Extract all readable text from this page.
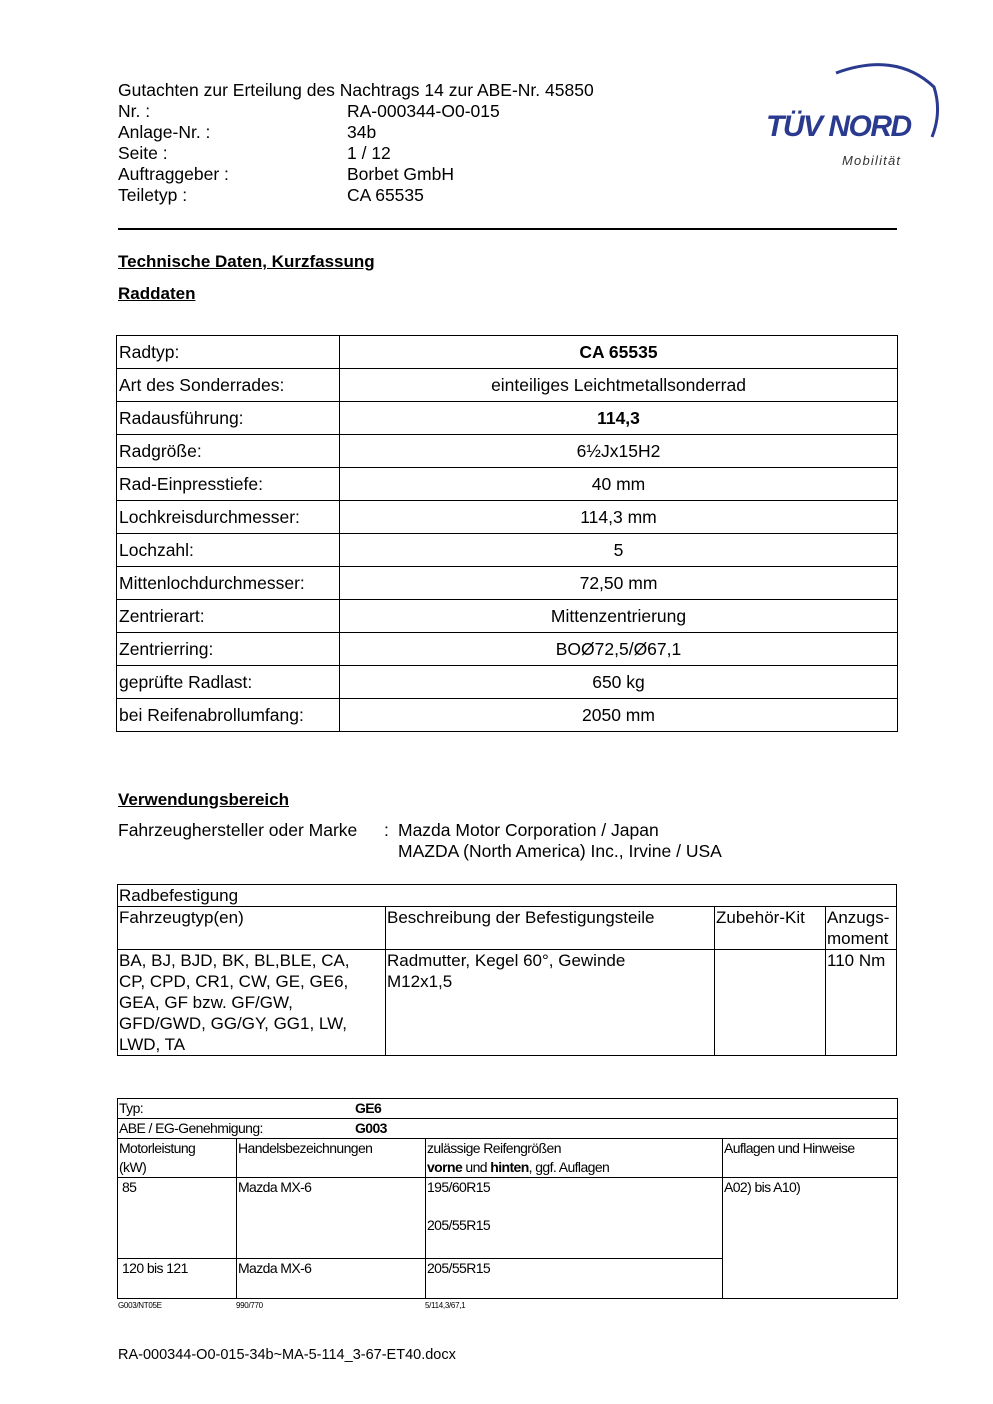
Gutachten zur Erteilung des Nachtrags 14 zur ABE-Nr. 45850
Nr. :	RA-000344-O0-015
Anlage-Nr. :	34b
Seite :	1 / 12
Auftraggeber :	Borbet GmbH
Teiletyp :	CA 65535
TÜV NORD
Mobilität
Technische Daten, Kurzfassung
Raddaten
Radtyp:	CA 65535
Art des Sonderrades:	einteiliges Leichtmetallsonderrad
Radausführung:	114,3
Radgröße:	6½Jx15H2
Rad-Einpresstiefe:	40 mm
Lochkreisdurchmesser:	114,3 mm
Lochzahl:	5
Mittenlochdurchmesser:	72,50 mm
Zentrierart:	Mittenzentrierung
Zentrierring:	BOØ72,5/Ø67,1
geprüfte Radlast:	650 kg
bei Reifenabrollumfang:	2050 mm
Verwendungsbereich
Fahrzeughersteller oder Marke	: Mazda Motor Corporation / Japan
MAZDA (North America) Inc., Irvine / USA
Radbefestigung			
Fahrzeugtyp(en)	Beschreibung der Befestigungsteile	Zubehör-Kit	Anzugs-
moment
BA, BJ, BJD, BK, BL,BLE, CA,
CP, CPD, CR1, CW, GE, GE6,
GEA, GF bzw. GF/GW,
GFD/GWD, GG/GY, GG1, LW,
LWD, TA	Radmutter, Kegel 60°, Gewinde
M12x1,5		110 Nm
Typ: GE6			
ABE / EG-Genehmigung: G003			
Motorleistung
(kW)	Handelsbezeichnungen	zulässige Reifengrößen
vorne und hinten, ggf. Auflagen	Auflagen und Hinweise
85	Mazda MX-6	195/60R15

205/55R15	A02) bis A10)
120 bis 121	Mazda MX-6	205/55R15	
G003/NT05E	990/770	5/114,3/67,1
RA-000344-O0-015-34b~MA-5-114_3-67-ET40.docx
